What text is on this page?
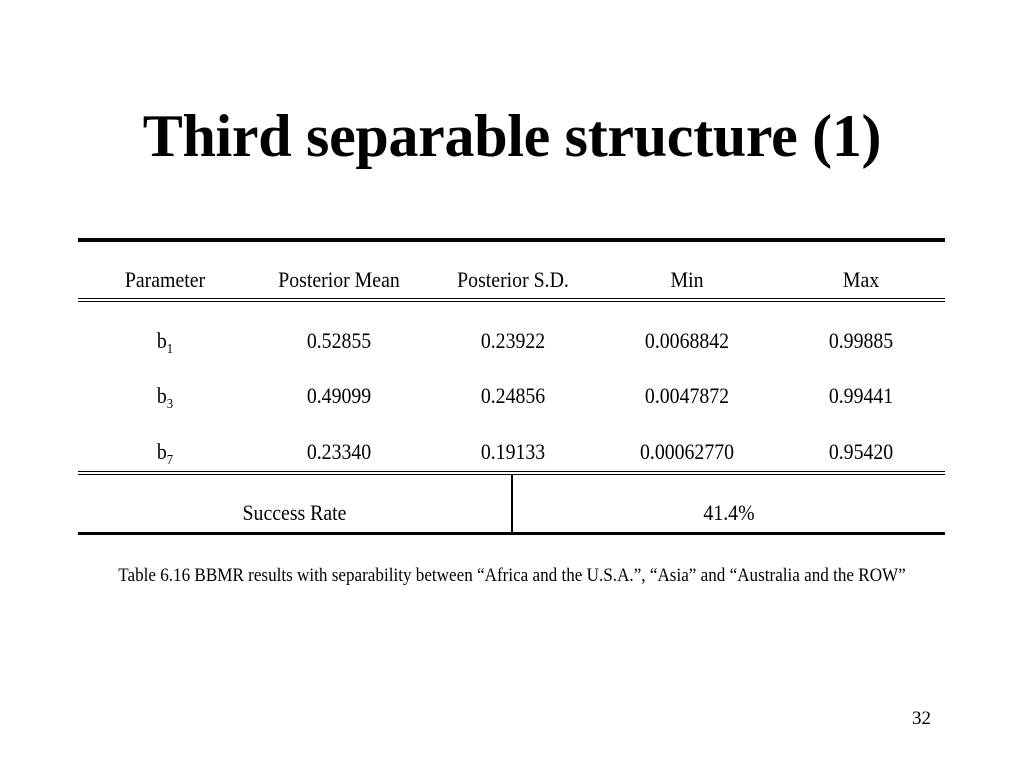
Third separable structure (1)
Parameter	Posterior Mean	Posterior S.D.	Min	Max
$b_1$	0.52855	0.23922	0.0068842	0.99885
$b_3$	0.49099	0.24856	0.0047872	0.99441
$b_7$	0.23340	0.19133	0.00062770	0.95420
Success Rate	41.4%
Table 6.16 BBMR results with separability between “Africa and the U.S.A.”, “Asia” and “Australia and the ROW”
32
